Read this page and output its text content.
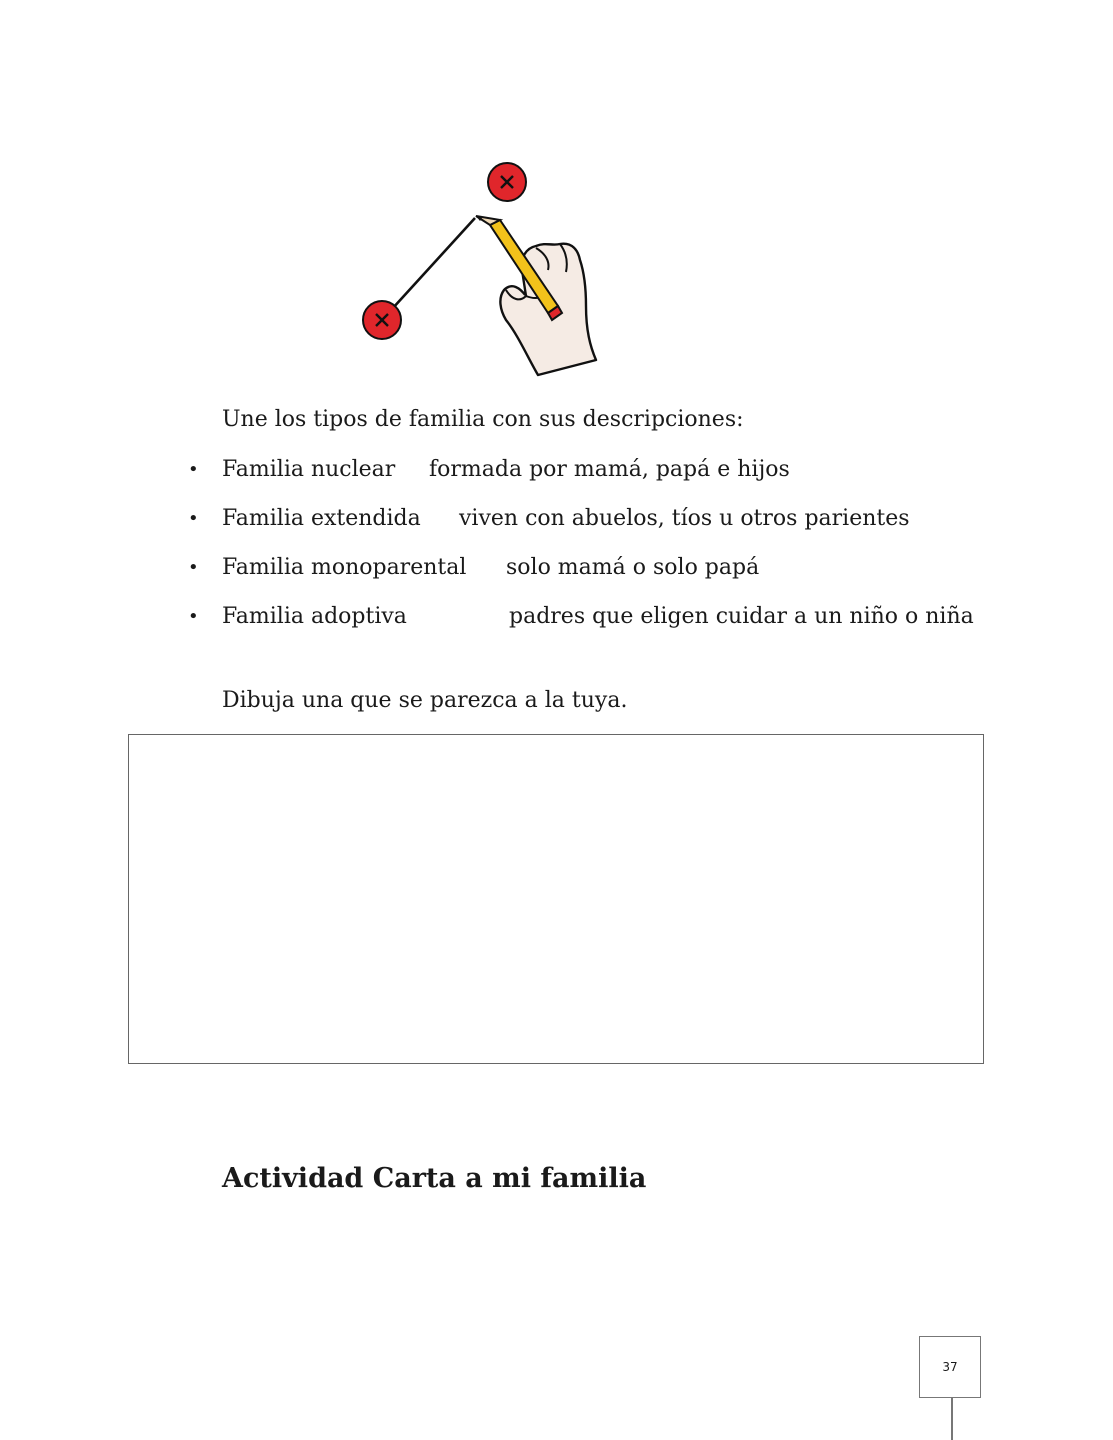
Une los tipos de familia con sus descripciones:
• Familia nuclear formada por mamá, papá e hijos
• Familia extendida viven con abuelos, tíos u otros parientes
• Familia monoparental solo mamá o solo papá
• Familia adoptiva	padres que eligen cuidar a un niño o niña
Dibuja una que se parezca a la tuya.
Actividad Carta a mi familia
37
